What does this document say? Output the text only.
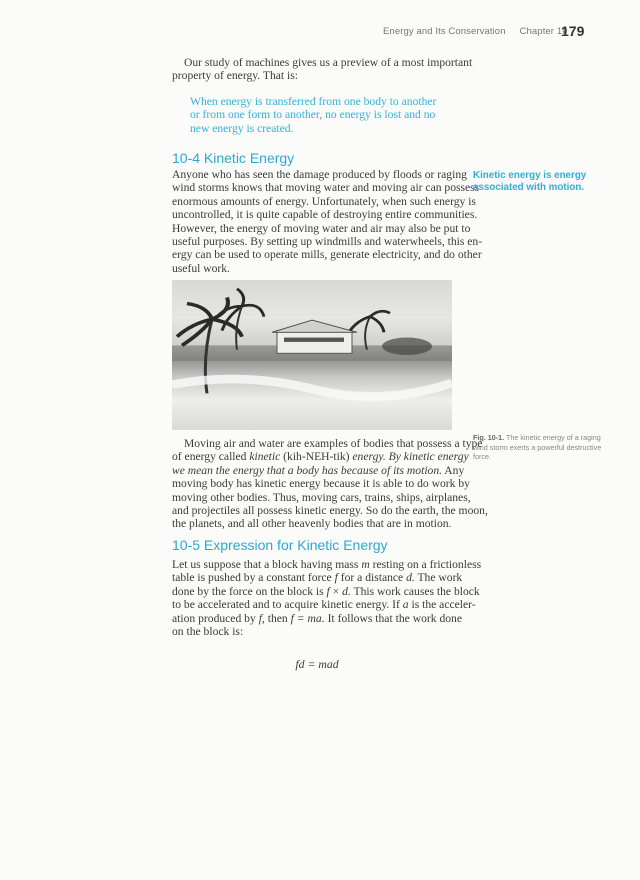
Energy and Its Conservation Chapter 10
179
Our study of machines gives us a preview of a most important
property of energy. That is:
When energy is transferred from one body to another
or from one form to another, no energy is lost and no
new energy is created.
10-4 Kinetic Energy
Anyone who has seen the damage produced by floods or raging
wind storms knows that moving water and moving air can possess
enormous amounts of energy. Unfortunately, when such energy is
uncontrolled, it is quite capable of destroying entire communities.
However, the energy of moving water and air may also be put to
useful purposes. By setting up windmills and waterwheels, this en-
ergy can be used to operate mills, generate electricity, and do other
useful work.
Kinetic energy is energy
associated with motion.
Fig. 10-1. The kinetic energy of a raging wind storm exerts a powerful destructive force.
Moving air and water are examples of bodies that possess a type
of energy called kinetic (kih-NEH-tik) energy. By kinetic energy
we mean the energy that a body has because of its motion. Any
moving body has kinetic energy because it is able to do work by
moving other bodies. Thus, moving cars, trains, ships, airplanes,
and projectiles all possess kinetic energy. So do the earth, the moon,
the planets, and all other heavenly bodies that are in motion.
10-5 Expression for Kinetic Energy
Let us suppose that a block having mass m resting on a frictionless
table is pushed by a constant force f for a distance d. The work
done by the force on the block is f × d. This work causes the block
to be accelerated and to acquire kinetic energy. If a is the acceler-
ation produced by f, then f = ma. It follows that the work done
on the block is:
fd = mad
